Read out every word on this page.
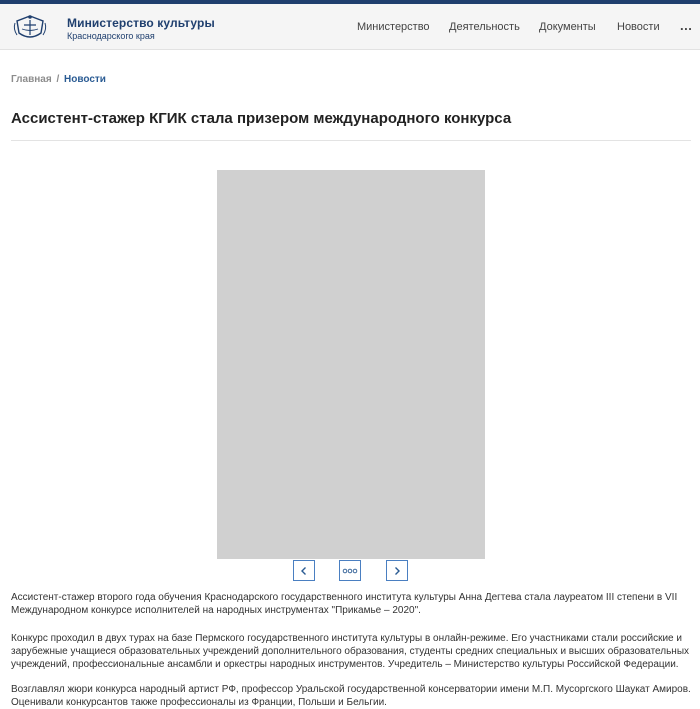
Министерство культуры
Краснодарского края
Министерство Деятельность Документы Новости ...
Главная / Новости
Ассистент-стажер КГИК стала призером международного конкурса

Ассистент-стажер второго года обучения Краснодарского государственного института культуры Анна Дегтева стала лауреатом III степени в VII Международном конкурсе исполнителей на народных инструментах "Прикамье – 2020".

Конкурс проходил в двух турах на базе Пермского государственного института культуры в онлайн-режиме. Его участниками стали российские и зарубежные учащиеся образовательных учреждений дополнительного образования, студенты средних специальных и высших образовательных учреждений, профессиональные ансамбли и оркестры народных инструментов. Учредитель – Министерство культуры Российской Федерации.

Возглавлял жюри конкурса народный артист РФ, профессор Уральской государственной консерватории имени М.П. Мусоргского Шаукат Амиров. Оценивали конкурсантов также профессионалы из Франции, Польши и Бельгии.
